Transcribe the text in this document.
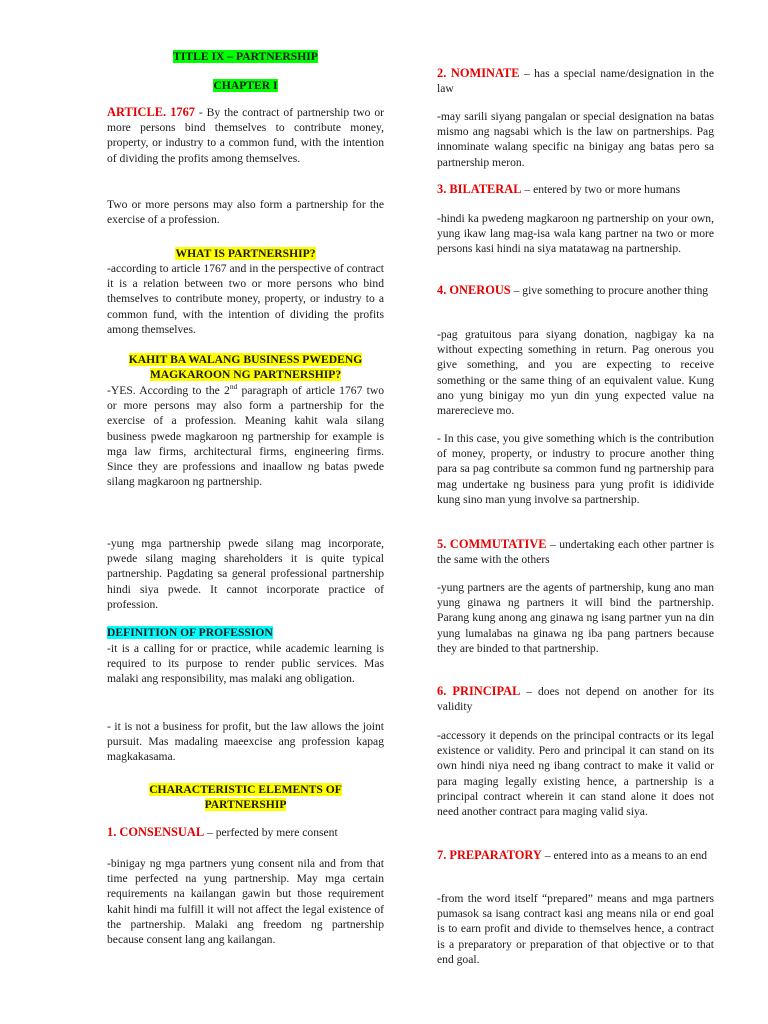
TITLE IX – PARTNERSHIP
CHAPTER I

ARTICLE. 1767 - By the contract of partnership two or more persons bind themselves to contribute money, property, or industry to a common fund, with the intention of dividing the profits among themselves.

Two or more persons may also form a partnership for the exercise of a profession.

WHAT IS PARTNERSHIP?

-according to article 1767 and in the perspective of contract it is a relation between two or more persons who bind themselves to contribute money, property, or industry to a common fund, with the intention of dividing the profits among themselves.

KAHIT BA WALANG BUSINESS PWEDENG
MAGKAROON NG PARTNERSHIP?

-YES. According to the 2nd paragraph of article 1767 two or more persons may also form a partnership for the exercise of a profession. Meaning kahit wala silang business pwede magkaroon ng partnership for example is mga law firms, architectural firms, engineering firms. Since they are professions and inaallow ng batas pwede silang magkaroon ng partnership.

-yung mga partnership pwede silang mag incorporate, pwede silang maging shareholders it is quite typical partnership. Pagdating sa general professional partnership hindi siya pwede. It cannot incorporate practice of profession.

DEFINITION OF PROFESSION

-it is a calling for or practice, while academic learning is required to its purpose to render public services. Mas malaki ang responsibility, mas malaki ang obligation.

- it is not a business for profit, but the law allows the joint pursuit. Mas madaling maeexcise ang profession kapag magkakasama.

CHARACTERISTIC ELEMENTS OF
PARTNERSHIP

1. CONSENSUAL – perfected by mere consent

-binigay ng mga partners yung consent nila and from that time perfected na yung partnership. May mga certain requirements na kailangan gawin but those requirement kahit hindi ma fulfill it will not affect the legal existence of the partnership. Malaki ang freedom ng partnership because consent lang ang kailangan.

2. NOMINATE – has a special name/designation in the law

-may sarili siyang pangalan or special designation na batas mismo ang nagsabi which is the law on partnerships. Pag innominate walang specific na binigay ang batas pero sa partnership meron.

3. BILATERAL – entered by two or more humans

-hindi ka pwedeng magkaroon ng partnership on your own, yung ikaw lang mag-isa wala kang partner na two or more persons kasi hindi na siya matatawag na partnership.

4. ONEROUS – give something to procure another thing

-pag gratuitous para siyang donation, nagbigay ka na without expecting something in return. Pag onerous you give something, and you are expecting to receive something or the same thing of an equivalent value. Kung ano yung binigay mo yun din yung expected value na marerecieve mo.

- In this case, you give something which is the contribution of money, property, or industry to procure another thing para sa pag contribute sa common fund ng partnership para mag undertake ng business para yung profit is ididivide kung sino man yung involve sa partnership.

5. COMMUTATIVE – undertaking each other partner is the same with the others

-yung partners are the agents of partnership, kung ano man yung ginawa ng partners it will bind the partnership. Parang kung anong ang ginawa ng isang partner yun na din yung lumalabas na ginawa ng iba pang partners because they are binded to that partnership.

6. PRINCIPAL – does not depend on another for its validity

-accessory it depends on the principal contracts or its legal existence or validity. Pero and principal it can stand on its own hindi niya need ng ibang contract to make it valid or para maging legally existing hence, a partnership is a principal contract wherein it can stand alone it does not need another contract para maging valid siya.

7. PREPARATORY – entered into as a means to an end

-from the word itself “prepared” means and mga partners pumasok sa isang contract kasi ang means nila or end goal is to earn profit and divide to themselves hence, a contract is a preparatory or preparation of that objective or to that end goal.
